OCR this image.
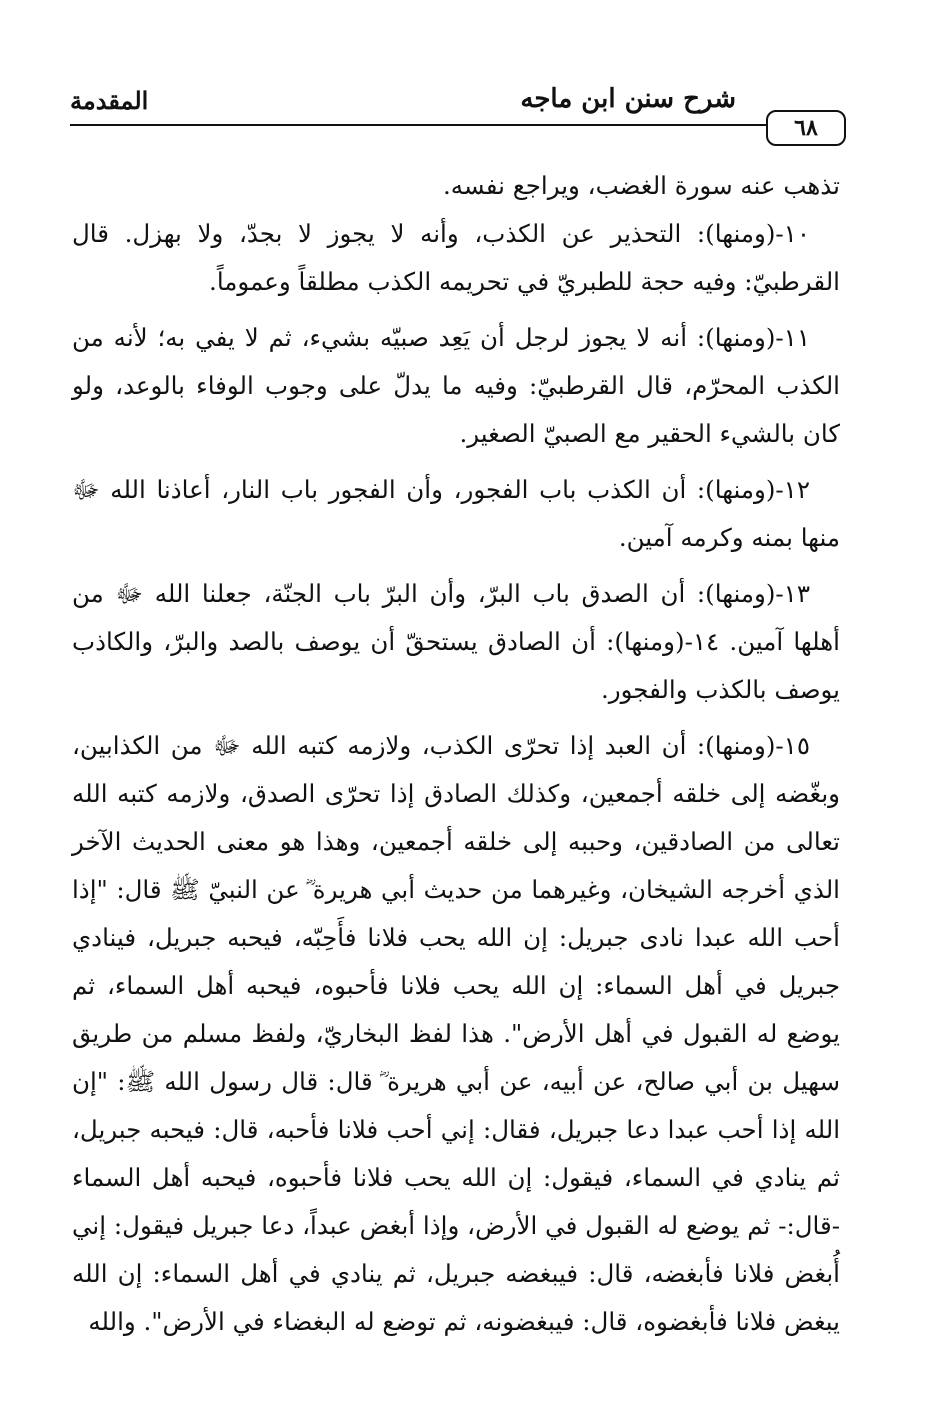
المقدمة	شرح سنن ابن ماجه
٦٨

تذهب عنه سورة الغضب، ويراجع نفسه.

١٠-(ومنها): التحذير عن الكذب، وأنه لا يجوز لا بجدّ، ولا بهزل. قال القرطبيّ: وفيه حجة للطبريّ في تحريمه الكذب مطلقاً وعموماً.

١١-(ومنها): أنه لا يجوز لرجل أن يَعِد صبيّه بشيء، ثم لا يفي به؛ لأنه من الكذب المحرّم، قال القرطبيّ: وفيه ما يدلّ على وجوب الوفاء بالوعد، ولو كان بالشيء الحقير مع الصبيّ الصغير.

١٢-(ومنها): أن الكذب باب الفجور، وأن الفجور باب النار، أعاذنا الله ﷻ منها بمنه وكرمه آمين.

١٣-(ومنها): أن الصدق باب البرّ، وأن البرّ باب الجنّة، جعلنا الله ﷻ من أهلها آمين. ١٤-(ومنها): أن الصادق يستحقّ أن يوصف بالصد والبرّ، والكاذب يوصف بالكذب والفجور.

١٥-(ومنها): أن العبد إذا تحرّى الكذب، ولازمه كتبه الله ﷻ من الكذابين، وبغّضه إلى خلقه أجمعين، وكذلك الصادق إذا تحرّى الصدق، ولازمه كتبه الله تعالى من الصادقين، وحببه إلى خلقه أجمعين، وهذا هو معنى الحديث الآخر الذي أخرجه الشيخان، وغيرهما من حديث أبي هريرة ؓ عن النبيّ ﷺ قال: "إذا أحب الله عبدا نادى جبريل: إن الله يحب فلانا فأَحِبّه، فيحبه جبريل، فينادي جبريل في أهل السماء: إن الله يحب فلانا فأحبوه، فيحبه أهل السماء، ثم يوضع له القبول في أهل الأرض". هذا لفظ البخاريّ، ولفظ مسلم من طريق سهيل بن أبي صالح، عن أبيه، عن أبي هريرة ؓ قال: قال رسول الله ﷺ: "إن الله إذا أحب عبدا دعا جبريل، فقال: إني أحب فلانا فأحبه، قال: فيحبه جبريل، ثم ينادي في السماء، فيقول: إن الله يحب فلانا فأحبوه، فيحبه أهل السماء -قال:- ثم يوضع له القبول في الأرض، وإذا أبغض عبداً، دعا جبريل فيقول: إني أُبغض فلانا فأبغضه، قال: فيبغضه جبريل، ثم ينادي في أهل السماء: إن الله يبغض فلانا فأبغضوه، قال: فيبغضونه، ثم توضع له البغضاء في الأرض". والله
